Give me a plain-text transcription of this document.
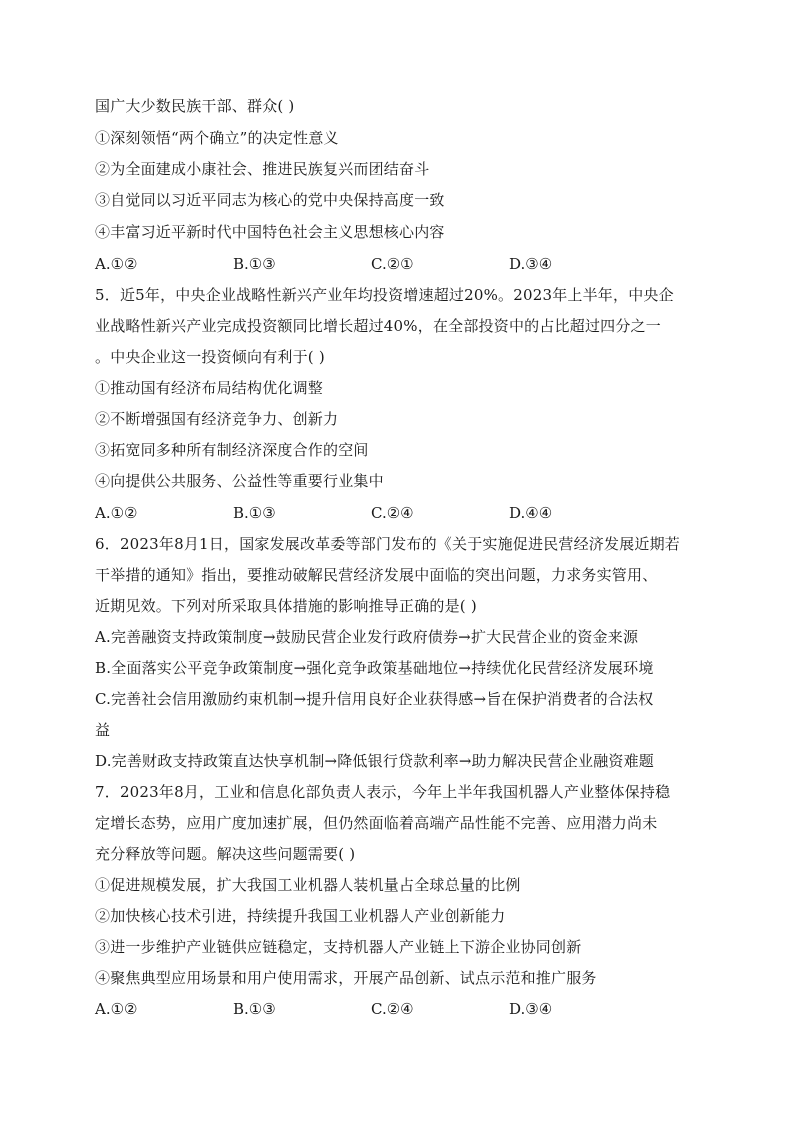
国广大少数民族干部、群众( )
①深刻领悟“两个确立”的决定性意义
②为全面建成小康社会、推进民族复兴而团结奋斗
③自觉同以习近平同志为核心的党中央保持高度一致
④丰富习近平新时代中国特色社会主义思想核心内容
A.①②	B.①③	C.②①	D.③④
5．近5年，中央企业战略性新兴产业年均投资增速超过20%。2023年上半年，中央企
业战略性新兴产业完成投资额同比增长超过40%，在全部投资中的占比超过四分之一
。中央企业这一投资倾向有利于( )
①推动国有经济布局结构优化调整
②不断增强国有经济竞争力、创新力
③拓宽同多种所有制经济深度合作的空间
④向提供公共服务、公益性等重要行业集中
A.①②	B.①③	C.②④	D.④④
6．2023年8月1日，国家发展改革委等部门发布的《关于实施促进民营经济发展近期若
干举措的通知》指出，要推动破解民营经济发展中面临的突出问题，力求务实管用、
近期见效。下列对所采取具体措施的影响推导正确的是( )
A.完善融资支持政策制度→鼓励民营企业发行政府债券→扩大民营企业的资金来源
B.全面落实公平竞争政策制度→强化竞争政策基础地位→持续优化民营经济发展环境
C.完善社会信用激励约束机制→提升信用良好企业获得感→旨在保护消费者的合法权
益
D.完善财政支持政策直达快享机制→降低银行贷款利率→助力解决民营企业融资难题
7．2023年8月，工业和信息化部负责人表示，今年上半年我国机器人产业整体保持稳
定增长态势，应用广度加速扩展，但仍然面临着高端产品性能不完善、应用潜力尚未
充分释放等问题。解决这些问题需要( )
①促进规模发展，扩大我国工业机器人装机量占全球总量的比例
②加快核心技术引进，持续提升我国工业机器人产业创新能力
③进一步维护产业链供应链稳定，支持机器人产业链上下游企业协同创新
④聚焦典型应用场景和用户使用需求，开展产品创新、试点示范和推广服务
A.①②	B.①③	C.②④	D.③④
